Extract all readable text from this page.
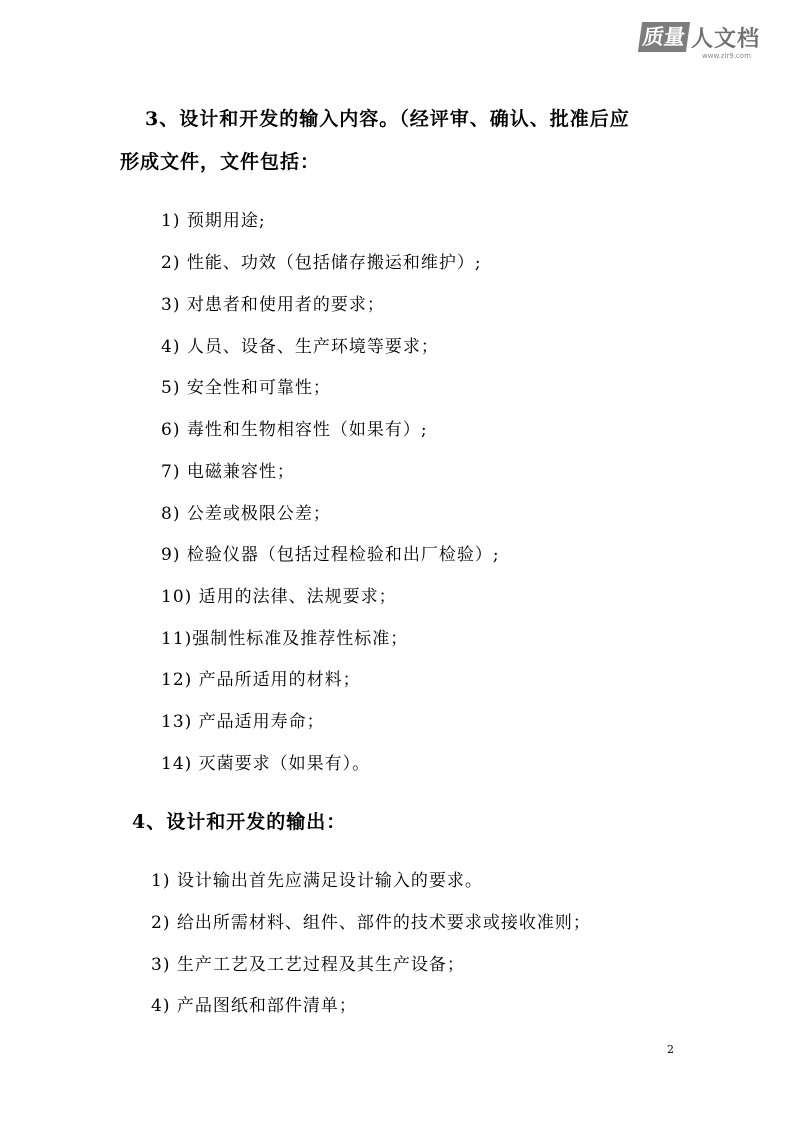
质量 人文档
www.zlr9.com
3、设计和开发的输入内容。（经评审、确认、批准后应
形成文件，文件包括：
1) 预期用途;
2) 性能、功效（包括储存搬运和维护）;
3) 对患者和使用者的要求；
4) 人员、设备、生产环境等要求；
5) 安全性和可靠性；
6) 毒性和生物相容性（如果有）;
7) 电磁兼容性；
8) 公差或极限公差；
9) 检验仪器（包括过程检验和出厂检验）;
10) 适用的法律、法规要求；
11)强制性标准及推荐性标准；
12) 产品所适用的材料；
13) 产品适用寿命；
14) 灭菌要求（如果有）。
4、设计和开发的输出：
1) 设计输出首先应满足设计输入的要求。
2) 给出所需材料、组件、部件的技术要求或接收准则；
3) 生产工艺及工艺过程及其生产设备；
4) 产品图纸和部件清单；
2
